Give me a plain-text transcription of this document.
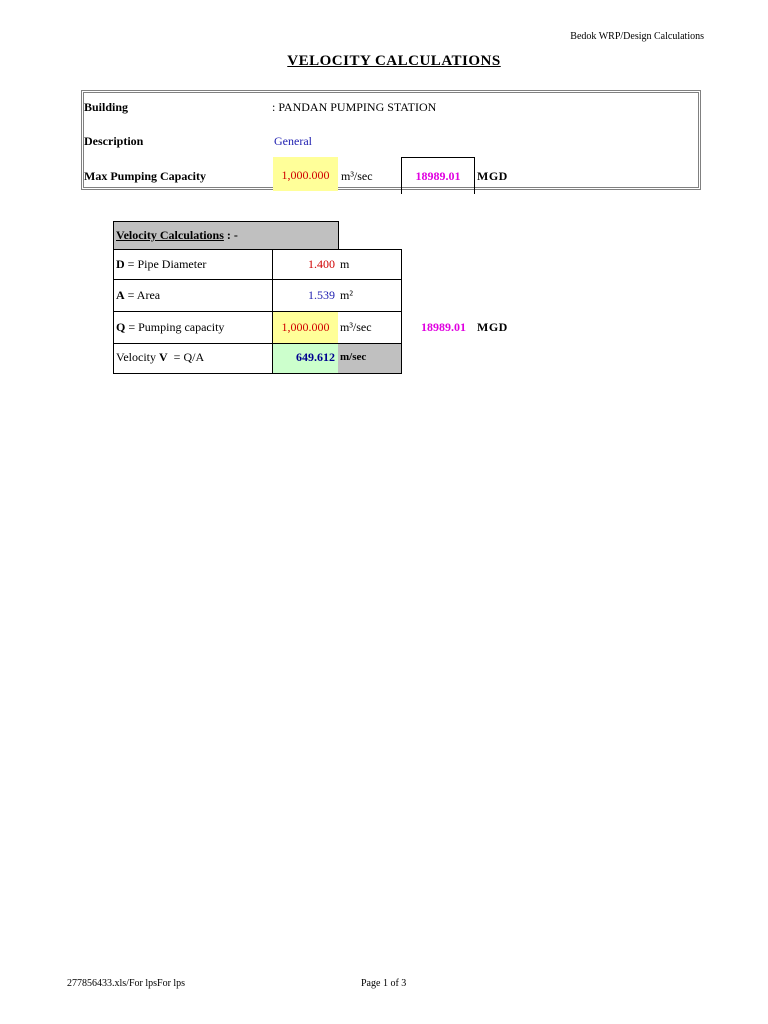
Bedok WRP/Design Calculations
VELOCITY CALCULATIONS
Building	: PANDAN PUMPING STATION
Description	General
Max Pumping Capacity	1,000.000 m³/sec	18989.01	MGD
Velocity Calculations : -
D = Pipe Diameter	1.400 m
A = Area	1.539 m²
Q = Pumping capacity	1,000.000 m³/sec	18989.01 MGD
Velocity V  = Q/A	649.612 m/sec
277856433.xls/For lpsFor lps	Page 1 of 3
